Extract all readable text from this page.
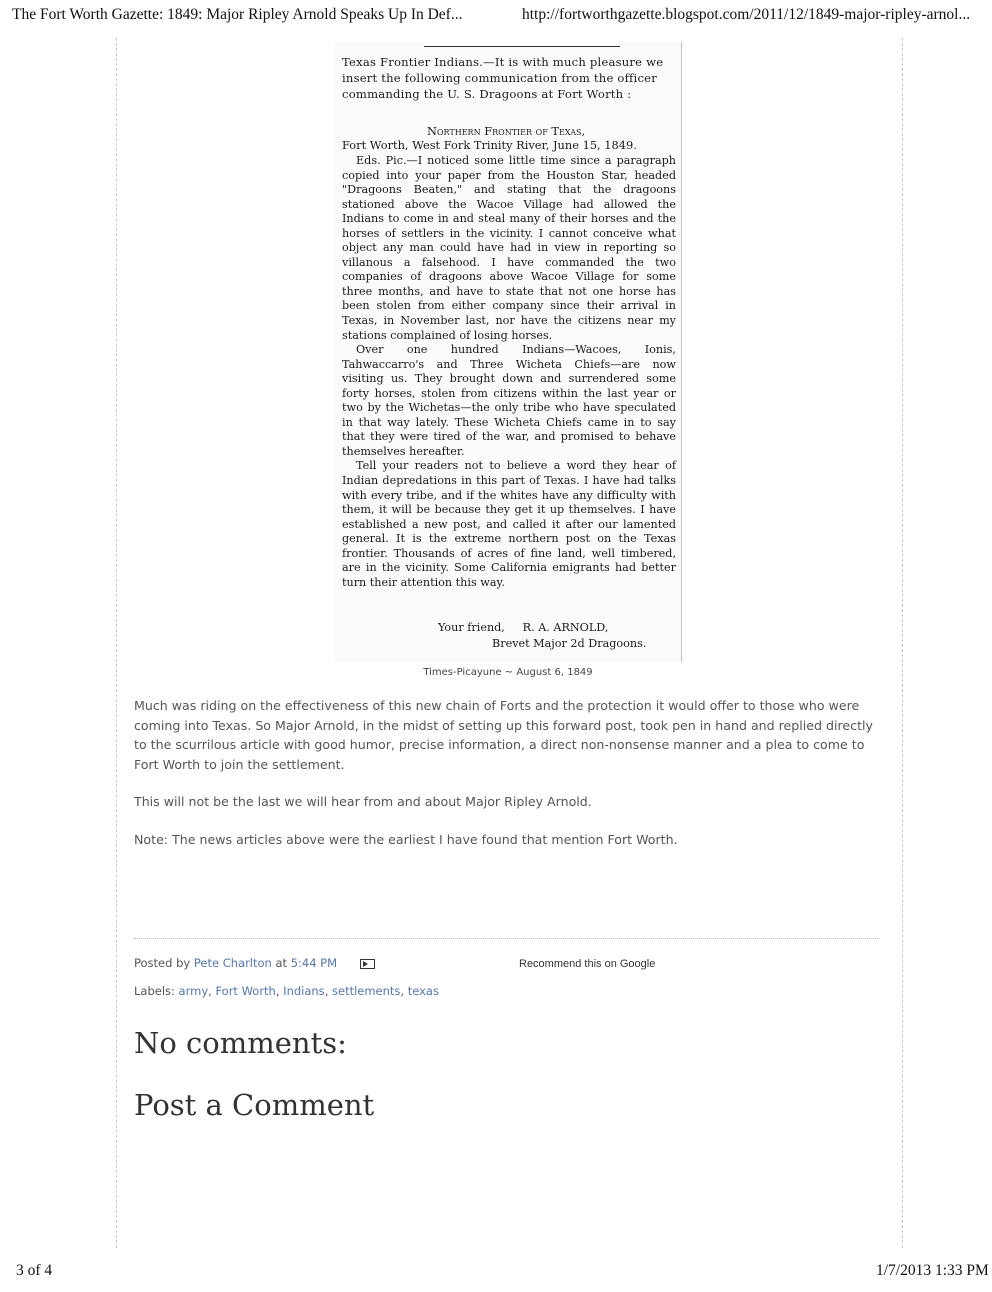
The Fort Worth Gazette: 1849: Major Ripley Arnold Speaks Up In Def...	http://fortworthgazette.blogspot.com/2011/12/1849-major-ripley-arnol...
Texas Frontier Indians.—It is with much pleasure we insert the following communication from the officer commanding the U. S. Dragoons at Fort Worth :
Northern Frontier of Texas,
Fort Worth, West Fork Trinity River, June 15, 1849.

Eds. Pic.—I noticed some little time since a paragraph copied into your paper from the Houston Star, headed "Dragoons Beaten," and stating that the dragoons stationed above the Wacoe Village had allowed the Indians to come in and steal many of their horses and the horses of settlers in the vicinity. I cannot conceive what object any man could have had in view in reporting so villanous a falsehood. I have commanded the two companies of dragoons above Wacoe Village for some three months, and have to state that not one horse has been stolen from either company since their arrival in Texas, in November last, nor have the citizens near my stations complained of losing horses.

Over one hundred Indians—Wacoes, Ionis, Tahwaccarro's and Three Wicheta Chiefs—are now visiting us. They brought down and surrendered some forty horses, stolen from citizens within the last year or two by the Wichetas—the only tribe who have speculated in that way lately. These Wicheta Chiefs came in to say that they were tired of the war, and promised to behave themselves hereafter.

Tell your readers not to believe a word they hear of Indian depredations in this part of Texas. I have had talks with every tribe, and if the whites have any difficulty with them, it will be because they get it up themselves. I have established a new post, and called it after our lamented general. It is the extreme northern post on the Texas frontier. Thousands of acres of fine land, well timbered, are in the vicinity. Some California emigrants had better turn their attention this way.

Your friend, R. A. ARNOLD,
Brevet Major 2d Dragoons.
Times-Picayune ~ August 6, 1849

Much was riding on the effectiveness of this new chain of Forts and the protection it would offer to those who were coming into Texas. So Major Arnold, in the midst of setting up this forward post, took pen in hand and replied directly to the scurrilous article with good humor, precise information, a direct non-nonsense manner and a plea to come to Fort Worth to join the settlement.

This will not be the last we will hear from and about Major Ripley Arnold.

Note: The news articles above were the earliest I have found that mention Fort Worth.

Posted by Pete Charlton at 5:44 PM	Recommend this on Google
Labels: army, Fort Worth, Indians, settlements, texas
No comments:
Post a Comment
3 of 4	1/7/2013 1:33 PM
